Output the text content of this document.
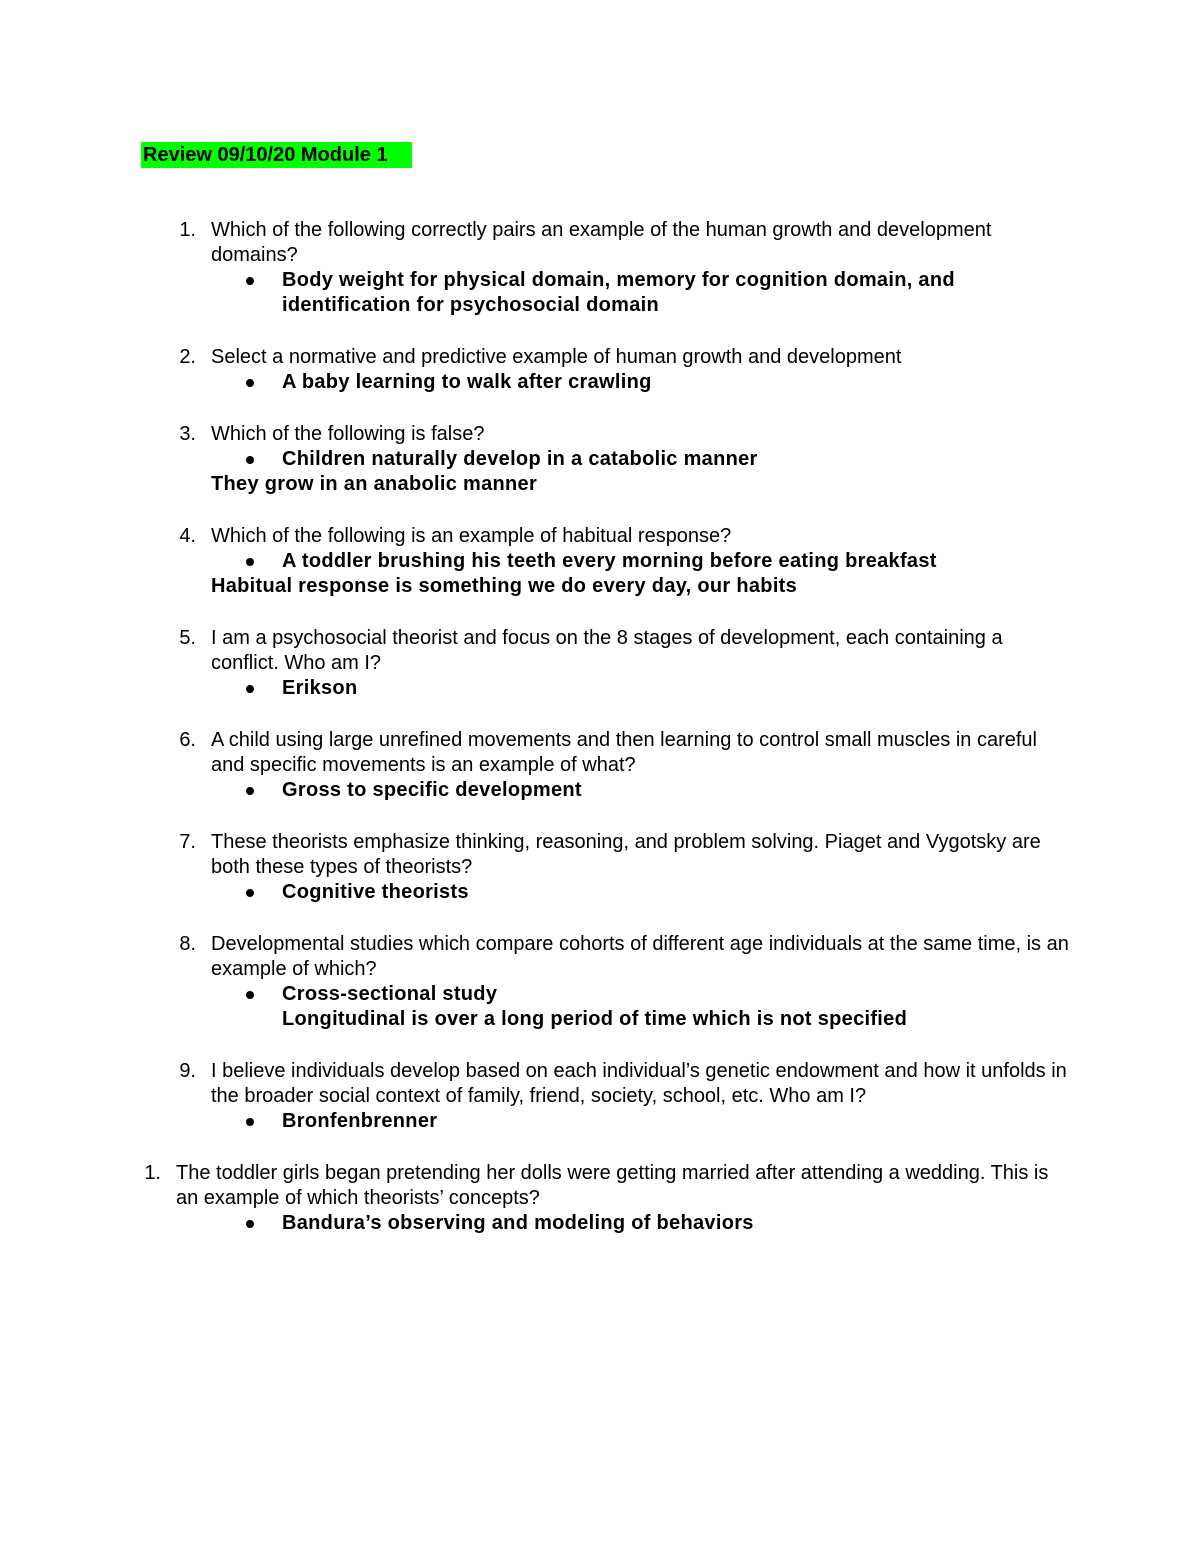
Review 09/10/20 Module 1
1. Which of the following correctly pairs an example of the human growth and development domains?
Body weight for physical domain, memory for cognition domain, and identification for psychosocial domain
2. Select a normative and predictive example of human growth and development
A baby learning to walk after crawling
3. Which of the following is false?
Children naturally develop in a catabolic manner
They grow in an anabolic manner
4. Which of the following is an example of habitual response?
A toddler brushing his teeth every morning before eating breakfast
Habitual response is something we do every day, our habits
5. I am a psychosocial theorist and focus on the 8 stages of development, each containing a conflict. Who am I?
Erikson
6. A child using large unrefined movements and then learning to control small muscles in careful and specific movements is an example of what?
Gross to specific development
7. These theorists emphasize thinking, reasoning, and problem solving. Piaget and Vygotsky are both these types of theorists?
Cognitive theorists
8. Developmental studies which compare cohorts of different age individuals at the same time, is an example of which?
Cross-sectional study
Longitudinal is over a long period of time which is not specified
9. I believe individuals develop based on each individual’s genetic endowment and how it unfolds in the broader social context of family, friend, society, school, etc. Who am I?
Bronfenbrenner
1. The toddler girls began pretending her dolls were getting married after attending a wedding. This is an example of which theorists’ concepts?
Bandura’s observing and modeling of behaviors
